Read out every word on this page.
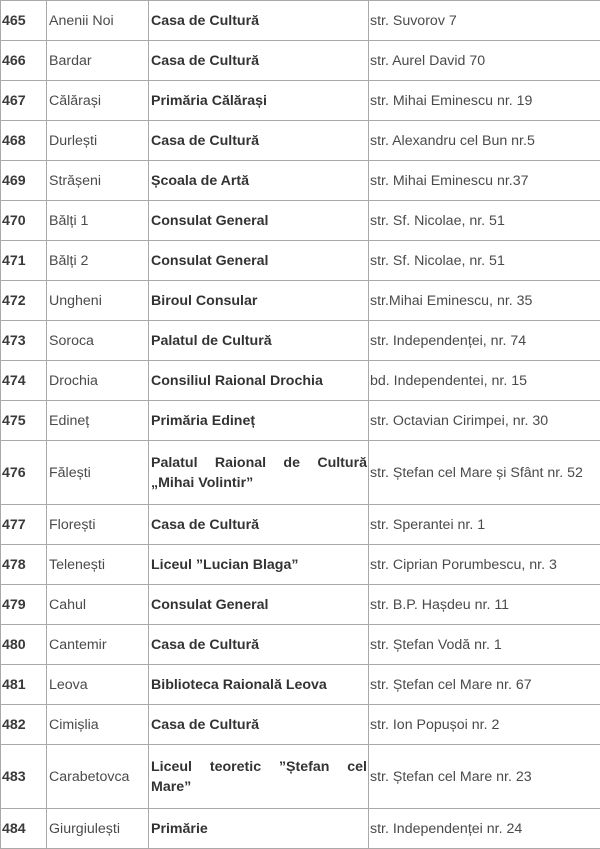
465	Anenii Noi	Casa de Cultură	str. Suvorov 7
466	Bardar	Casa de Cultură	str. Aurel David 70
467	Călărași	Primăria Călărași	str. Mihai Eminescu nr. 19
468	Durlești	Casa de Cultură	str. Alexandru cel Bun nr.5
469	Strășeni	Școala de Artă	str. Mihai Eminescu nr.37
470	Bălți 1	Consulat General	str. Sf. Nicolae, nr. 51
471	Bălți 2	Consulat General	str. Sf. Nicolae, nr. 51
472	Ungheni	Biroul Consular	str.Mihai Eminescu, nr. 35
473	Soroca	Palatul de Cultură	str. Independenței, nr. 74
474	Drochia	Consiliul Raional Drochia	bd. Independentei, nr. 15
475	Edineț	Primăria Edineț	str. Octavian Cirimpei, nr. 30
476	Fălești	Palatul Raional de Cultură „Mihai Volintir”	str. Ștefan cel Mare și Sfânt nr. 52
477	Florești	Casa de Cultură	str. Sperantei nr. 1
478	Telenești	Liceul ”Lucian Blaga”	str. Ciprian Porumbescu, nr. 3
479	Cahul	Consulat General	str. B.P. Hașdeu nr. 11
480	Cantemir	Casa de Cultură	str. Ștefan Vodă nr. 1
481	Leova	Biblioteca Raională Leova	str. Ștefan cel Mare nr. 67
482	Cimișlia	Casa de Cultură	str. Ion Popușoi nr. 2
483	Carabetovca	Liceul teoretic ”Ștefan cel Mare”	str. Ștefan cel Mare nr. 23
484	Giurgiulești	Primărie	str. Independenței nr. 24
